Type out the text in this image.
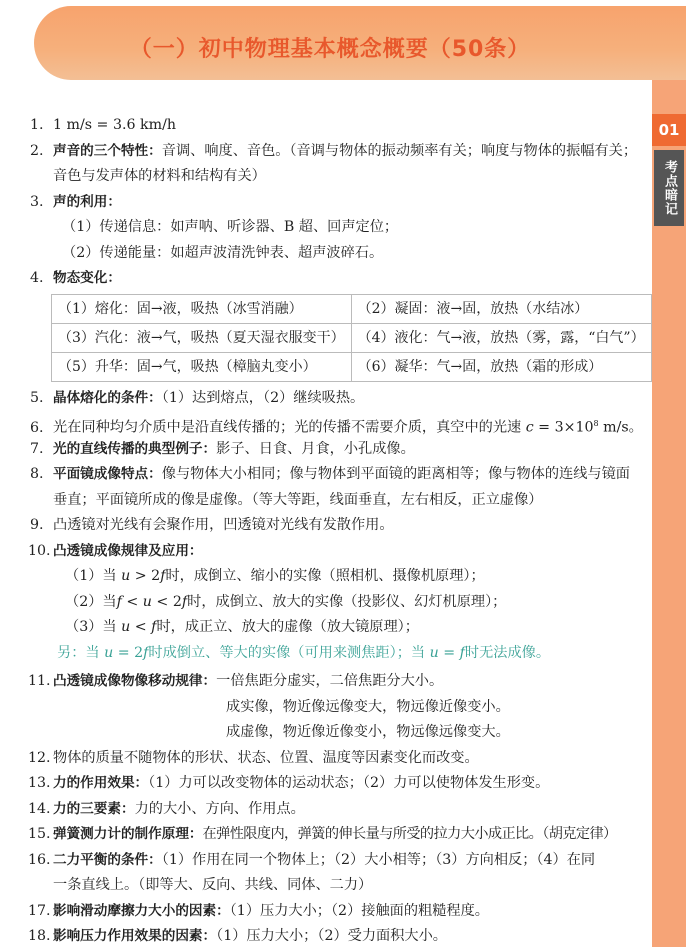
（一）初中物理基本概念概要（50条）
01
考点暗记
1. 1 m/s = 3.6 km/h
2. 声音的三个特性：音调、响度、音色。（音调与物体的振动频率有关；响度与物体的振幅有关；
音色与发声体的材料和结构有关）
3. 声的利用：
（1）传递信息：如声呐、听诊器、B 超、回声定位；
（2）传递能量：如超声波清洗钟表、超声波碎石。
4. 物态变化：
（1）熔化：固→液，吸热（冰雪消融）	（2）凝固：液→固，放热（水结冰）
（3）汽化：液→气，吸热（夏天湿衣服变干）	（4）液化：气→液，放热（雾，露，“白气”）
（5）升华：固→气，吸热（樟脑丸变小）	（6）凝华：气→固，放热（霜的形成）
5. 晶体熔化的条件：（1）达到熔点，（2）继续吸热。
6. 光在同种均匀介质中是沿直线传播的；光的传播不需要介质，真空中的光速 $c = 3\times 10^8$ m/s。
7. 光的直线传播的典型例子：影子、日食、月食，小孔成像。
8. 平面镜成像特点：像与物体大小相同；像与物体到平面镜的距离相等；像与物体的连线与镜面
垂直；平面镜所成的像是虚像。（等大等距，线面垂直，左右相反，正立虚像）
9. 凸透镜对光线有会聚作用，凹透镜对光线有发散作用。
10. 凸透镜成像规律及应用：
（1）当 u > 2f时，成倒立、缩小的实像（照相机、摄像机原理）；
（2）当f < u < 2f时，成倒立、放大的实像（投影仪、幻灯机原理）；
（3）当 u < f时，成正立、放大的虚像（放大镜原理）；
另：当 u = 2f时成倒立、等大的实像（可用来测焦距）；当 u = f时无法成像。
11. 凸透镜成像物像移动规律：一倍焦距分虚实，二倍焦距分大小。
成实像，物近像远像变大，物远像近像变小。
成虚像，物近像近像变小，物远像远像变大。
12. 物体的质量不随物体的形状、状态、位置、温度等因素变化而改变。
13. 力的作用效果：（1）力可以改变物体的运动状态；（2）力可以使物体发生形变。
14. 力的三要素：力的大小、方向、作用点。
15. 弹簧测力计的制作原理：在弹性限度内，弹簧的伸长量与所受的拉力大小成正比。（胡克定律）
16. 二力平衡的条件：（1）作用在同一个物体上；（2）大小相等；（3）方向相反；（4）在同
一条直线上。（即等大、反向、共线、同体、二力）
17. 影响滑动摩擦力大小的因素：（1）压力大小；（2）接触面的粗糙程度。
18. 影响压力作用效果的因素：（1）压力大小；（2）受力面积大小。
